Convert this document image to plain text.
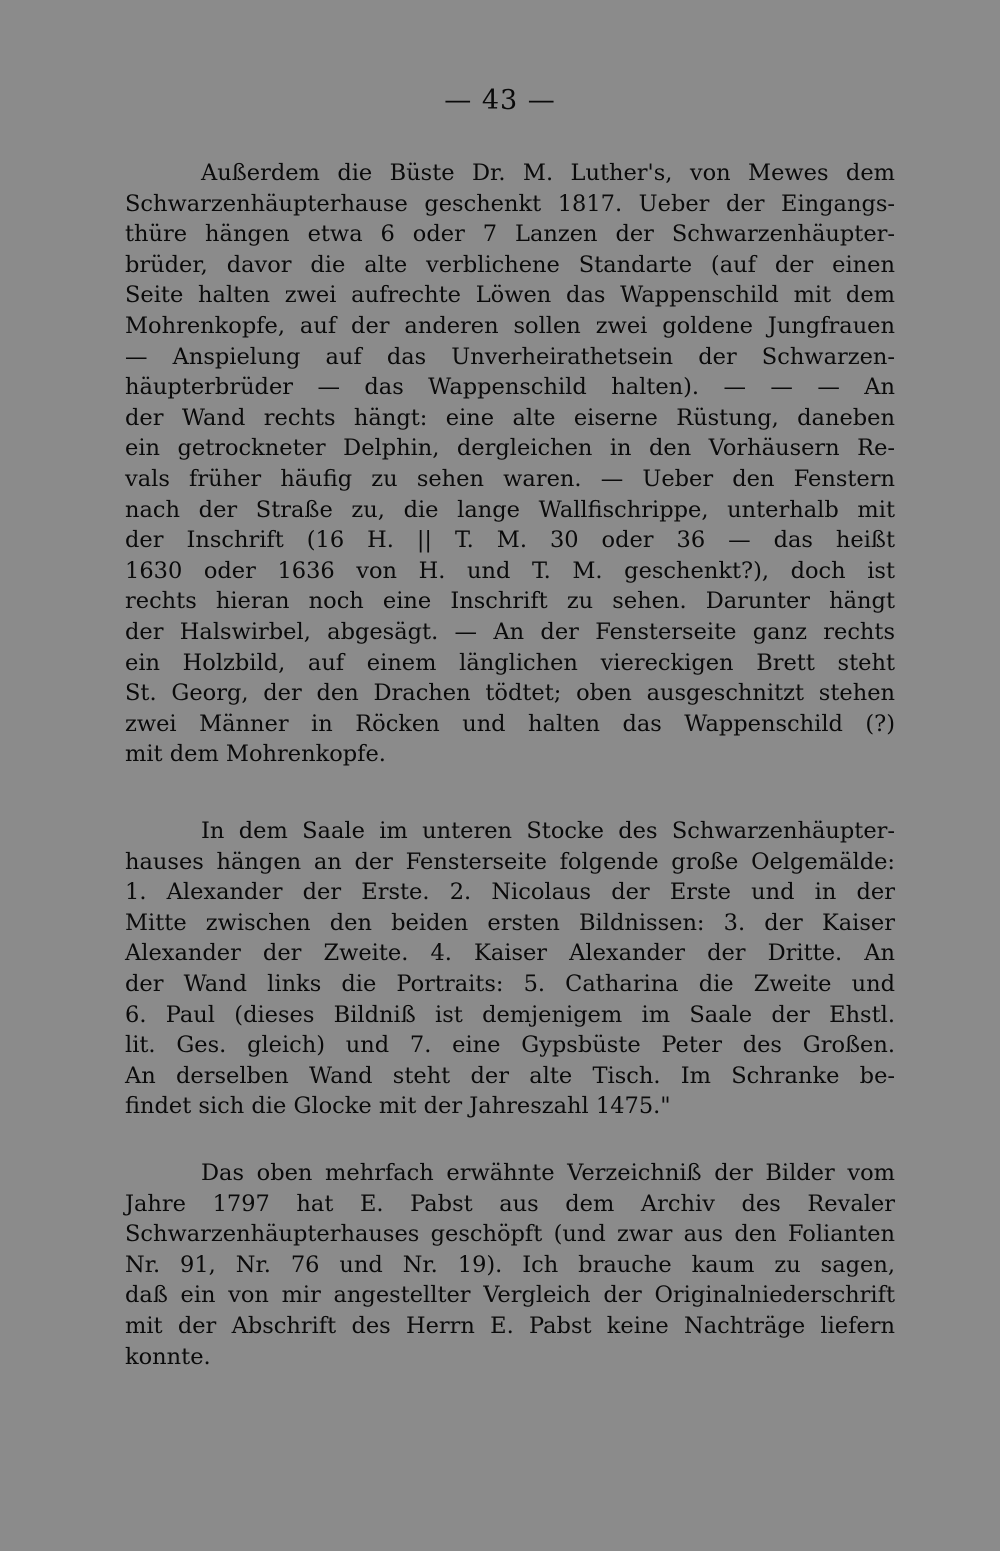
— 43 —
Außerdem die Büste Dr. M. Luther's, von Mewes dem
Schwarzenhäupterhause geschenkt 1817. Ueber der Eingangs-
thüre hängen etwa 6 oder 7 Lanzen der Schwarzenhäupter-
brüder, davor die alte verblichene Standarte (auf der einen
Seite halten zwei aufrechte Löwen das Wappenschild mit dem
Mohrenkopfe, auf der anderen sollen zwei goldene Jungfrauen
— Anspielung auf das Unverheirathetsein der Schwarzen-
häupterbrüder — das Wappenschild halten). — — — An
der Wand rechts hängt: eine alte eiserne Rüstung, daneben
ein getrockneter Delphin, dergleichen in den Vorhäusern Re-
vals früher häufig zu sehen waren. — Ueber den Fenstern
nach der Straße zu, die lange Wallfischrippe, unterhalb mit
der Inschrift (16 H. || T. M. 30 oder 36 — das heißt
1630 oder 1636 von H. und T. M. geschenkt?), doch ist
rechts hieran noch eine Inschrift zu sehen. Darunter hängt
der Halswirbel, abgesägt. — An der Fensterseite ganz rechts
ein Holzbild, auf einem länglichen viereckigen Brett steht
St. Georg, der den Drachen tödtet; oben ausgeschnitzt stehen
zwei Männer in Röcken und halten das Wappenschild (?)
mit dem Mohrenkopfe.
In dem Saale im unteren Stocke des Schwarzenhäupter-
hauses hängen an der Fensterseite folgende große Oelgemälde:
1. Alexander der Erste. 2. Nicolaus der Erste und in der
Mitte zwischen den beiden ersten Bildnissen: 3. der Kaiser
Alexander der Zweite. 4. Kaiser Alexander der Dritte. An
der Wand links die Portraits: 5. Catharina die Zweite und
6. Paul (dieses Bildniß ist demjenigem im Saale der Ehstl.
lit. Ges. gleich) und 7. eine Gypsbüste Peter des Großen.
An derselben Wand steht der alte Tisch. Im Schranke be-
findet sich die Glocke mit der Jahreszahl 1475."
Das oben mehrfach erwähnte Verzeichniß der Bilder vom
Jahre 1797 hat E. Pabst aus dem Archiv des Revaler
Schwarzenhäupterhauses geschöpft (und zwar aus den Folianten
Nr. 91, Nr. 76 und Nr. 19). Ich brauche kaum zu sagen,
daß ein von mir angestellter Vergleich der Originalniederschrift
mit der Abschrift des Herrn E. Pabst keine Nachträge liefern
konnte.
